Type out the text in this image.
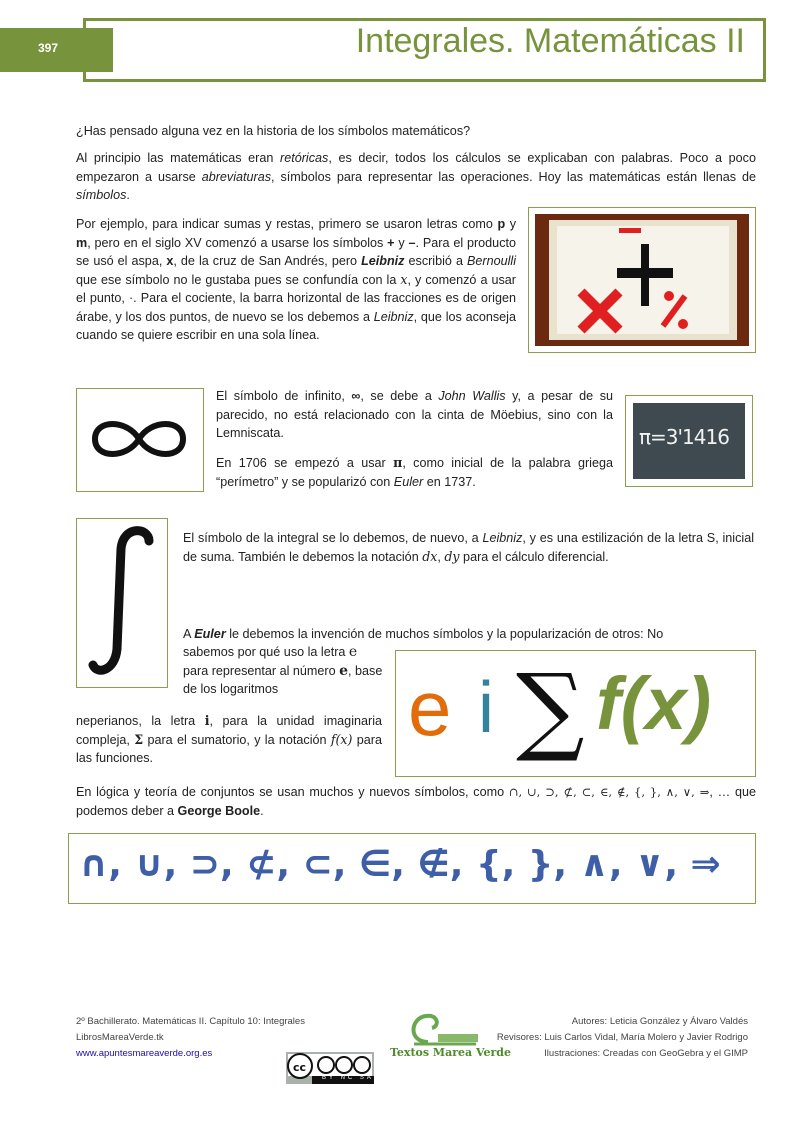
397	Integrales. Matemáticas II

¿Has pensado alguna vez en la historia de los símbolos matemáticos?

Al principio las matemáticas eran retóricas, es decir, todos los cálculos se explicaban con palabras. Poco a poco empezaron a usarse abreviaturas, símbolos para representar las operaciones. Hoy las matemáticas están llenas de símbolos.

Por ejemplo, para indicar sumas y restas, primero se usaron letras como p y m, pero en el siglo XV comenzó a usarse los símbolos + y –. Para el producto se usó el aspa, x, de la cruz de San Andrés, pero Leibniz escribió a Bernoulli que ese símbolo no le gustaba pues se confundía con la x, y comenzó a usar el punto, ·. Para el cociente, la barra horizontal de las fracciones es de origen árabe, y los dos puntos, de nuevo se los debemos a Leibniz, que los aconseja cuando se quiere escribir en una sola línea.

El símbolo de infinito, ∞, se debe a John Wallis y, a pesar de su parecido, no está relacionado con la cinta de Möebius, sino con la Lemniscata.

En 1706 se empezó a usar π, como inicial de la palabra griega “perímetro” y se popularizó con Euler en 1737.

π=3'1416

El símbolo de la integral se lo debemos, de nuevo, a Leibniz, y es una estilización de la letra S, inicial de suma. También le debemos la notación dx, dy para el cálculo diferencial.

A Euler le debemos la invención de muchos símbolos y la popularización de otros: No

sabemos por qué uso la letra e para representar al número e, base de los logaritmos

neperianos, la letra i, para la unidad imaginaria compleja, Σ para el sumatorio, y la notación f(x) para las funciones.

e i ∑ f(x)

En lógica y teoría de conjuntos se usan muchos y nuevos símbolos, como ∩, ∪, ⊃, ⊄, ⊂, ∈, ∉, {, }, ∧, ∨, ⇒, … que podemos deber a George Boole.

∩, ∪, ⊃, ⊄, ⊂, ∈, ∉, {, }, ∧, ∨, ⇒
2º Bachillerato. Matemáticas II. Capítulo 10: Integrales
LibrosMareaVerde.tk
www.apuntesmareaverde.org.es
cc
BY NC SA
Textos Marea Verde
Autores: Leticia González y Álvaro Valdés
Revisores: Luis Carlos Vidal, María Molero y Javier Rodrigo
Ilustraciones: Creadas con GeoGebra y el GIMP
